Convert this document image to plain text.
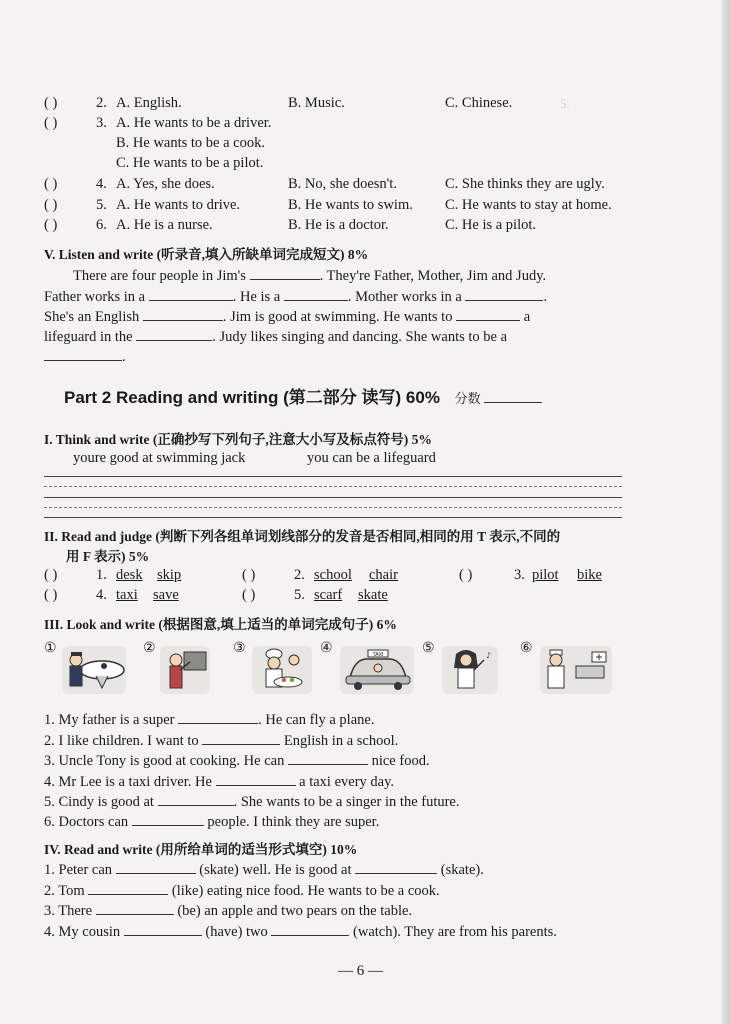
5.
( )	2. A. English.	B. Music.	C. Chinese.
( )	3. A. He wants to be a driver.
B. He wants to be a cook.
C. He wants to be a pilot.
( )	4. A. Yes, she does.	B. No, she doesn't.	C. She thinks they are ugly.
( )	5. A. He wants to drive.	B. He wants to swim. C. He wants to stay at home.
( )	6. A. He is a nurse.	B. He is a doctor.	C. He is a pilot.
V. Listen and write (听录音,填入所缺单词完成短文) 8%
There are four people in Jim's	. They're Father, Mother, Jim and Judy.
Father works in a	. He is a	. Mother works in a	.
She's an English	. Jim is good at swimming. He wants to	a
lifeguard in the	. Judy likes singing and dancing. She wants to be a
.
Part 2 Reading and writing (第二部分 读写) 60% 分数
I. Think and write (正确抄写下列句子,注意大小写及标点符号) 5%
youre good at swimming jack	you can be a lifeguard
II. Read and judge (判断下列各组单词划线部分的发音是否相同,相同的用 T 表示,不同的
用 F 表示) 5%
( )	1. desk skip	( )	2. school chair	( )	3. pilot bike
( )	4. taxi save	( )	5. scarf skate
III. Look and write (根据图意,填上适当的单词完成句子) 6%
①	②	③	④	TAXI	⑤	♪ ⑥
1. My father is a super	. He can fly a plane.
2. I like children. I want to	English in a school.
3. Uncle Tony is good at cooking. He can	nice food.
4. Mr Lee is a taxi driver. He	a taxi every day.
5. Cindy is good at	. She wants to be a singer in the future.
6. Doctors can	people. I think they are super.
IV. Read and write (用所给单词的适当形式填空) 10%
1. Peter can	(skate) well. He is good at	(skate).
2. Tom	(like) eating nice food. He wants to be a cook.
3. There	(be) an apple and two pears on the table.
4. My cousin	(have) two	(watch). They are from his parents.
— 6 —
